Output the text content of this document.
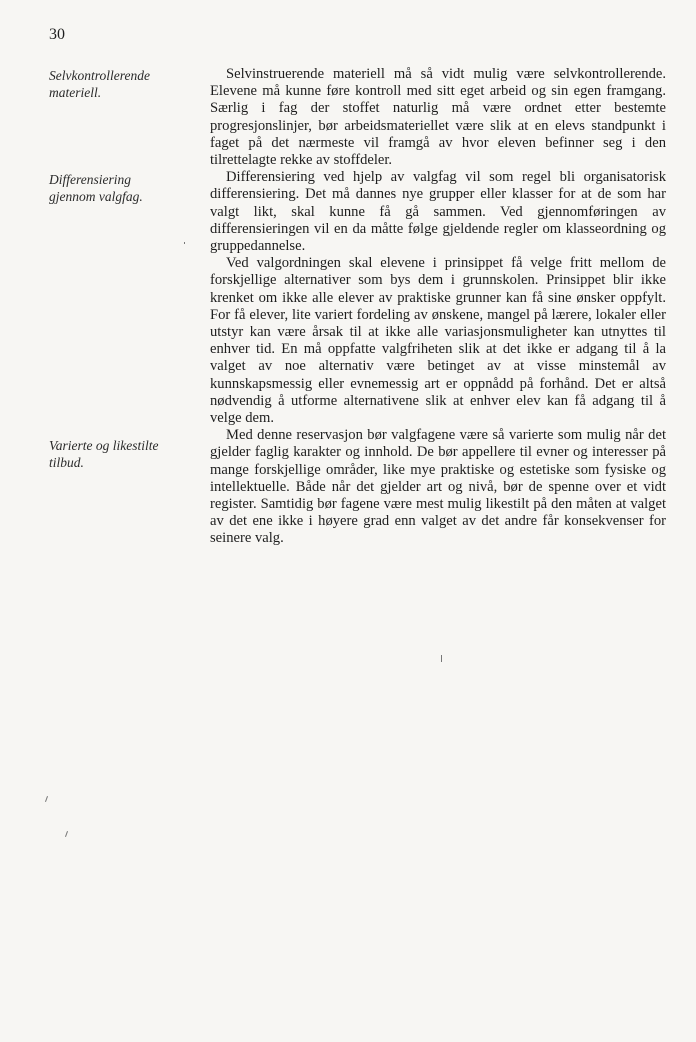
30
Selvkontrollerende materiell.
Differensiering gjennom valgfag.
Varierte og likestilte tilbud.

Selvinstruerende materiell må så vidt mulig være selvkontrollerende. Elevene må kunne føre kontroll med sitt eget arbeid og sin egen framgang. Særlig i fag der stoffet naturlig må være ordnet etter bestemte progresjonslinjer, bør arbeidsmateriellet være slik at en elevs standpunkt i faget på det nærmeste vil framgå av hvor eleven befinner seg i den tilrettelagte rekke av stoffdeler.

Differensiering ved hjelp av valgfag vil som regel bli organisatorisk differensiering. Det må dannes nye grupper eller klasser for at de som har valgt likt, skal kunne få gå sammen. Ved gjennomføringen av differensieringen vil en da måtte følge gjeldende regler om klasseordning og gruppedannelse.

Ved valgordningen skal elevene i prinsippet få velge fritt mellom de forskjellige alternativer som bys dem i grunnskolen. Prinsippet blir ikke krenket om ikke alle elever av praktiske grunner kan få sine ønsker oppfylt. For få elever, lite variert fordeling av ønskene, mangel på lærere, lokaler eller utstyr kan være årsak til at ikke alle variasjonsmuligheter kan utnyttes til enhver tid. En må oppfatte valgfriheten slik at det ikke er adgang til å la valget av noe alternativ være betinget av at visse minstemål av kunnskapsmessig eller evnemessig art er oppnådd på forhånd. Det er altså nødvendig å utforme alternativene slik at enhver elev kan få adgang til å velge dem.

Med denne reservasjon bør valgfagene være så varierte som mulig når det gjelder faglig karakter og innhold. De bør appellere til evner og interesser på mange forskjellige områder, like mye praktiske og estetiske som fysiske og intellektuelle. Både når det gjelder art og nivå, bør de spenne over et vidt register. Samtidig bør fagene være mest mulig likestilt på den måten at valget av det ene ikke i høyere grad enn valget av det andre får konsekvenser for seinere valg.
